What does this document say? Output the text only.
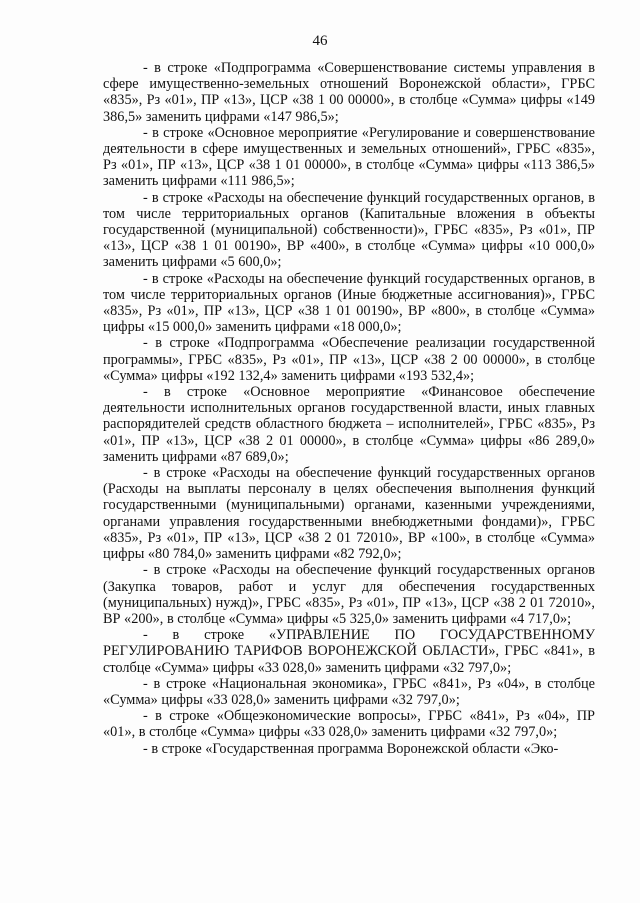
46

- в строке «Подпрограмма «Совершенствование системы управления в сфере имущественно-земельных отношений Воронежской области», ГРБС «835», Рз «01», ПР «13», ЦСР «38 1 00 00000», в столбце «Сумма» цифры «149 386,5» заменить цифрами «147 986,5»;

- в строке «Основное мероприятие «Регулирование и совершенствование деятельности в сфере имущественных и земельных отношений», ГРБС «835», Рз «01», ПР «13», ЦСР «38 1 01 00000», в столбце «Сумма» цифры «113 386,5» заменить цифрами «111 986,5»;

- в строке «Расходы на обеспечение функций государственных органов, в том числе территориальных органов (Капитальные вложения в объекты государственной (муниципальной) собственности)», ГРБС «835», Рз «01», ПР «13», ЦСР «38 1 01 00190», ВР «400», в столбце «Сумма» цифры «10 000,0» заменить цифрами «5 600,0»;

- в строке «Расходы на обеспечение функций государственных органов, в том числе территориальных органов (Иные бюджетные ассигнования)», ГРБС «835», Рз «01», ПР «13», ЦСР «38 1 01 00190», ВР «800», в столбце «Сумма» цифры «15 000,0» заменить цифрами «18 000,0»;

- в строке «Подпрограмма «Обеспечение реализации государственной программы», ГРБС «835», Рз «01», ПР «13», ЦСР «38 2 00 00000», в столбце «Сумма» цифры «192 132,4» заменить цифрами «193 532,4»;

- в строке «Основное мероприятие «Финансовое обеспечение деятельности исполнительных органов государственной власти, иных главных распорядителей средств областного бюджета – исполнителей», ГРБС «835», Рз «01», ПР «13», ЦСР «38 2 01 00000», в столбце «Сумма» цифры «86 289,0» заменить цифрами «87 689,0»;

- в строке «Расходы на обеспечение функций государственных органов (Расходы на выплаты персоналу в целях обеспечения выполнения функций государственными (муниципальными) органами, казенными учреждениями, органами управления государственными внебюджетными фондами)», ГРБС «835», Рз «01», ПР «13», ЦСР «38 2 01 72010», ВР «100», в столбце «Сумма» цифры «80 784,0» заменить цифрами «82 792,0»;

- в строке «Расходы на обеспечение функций государственных органов (Закупка товаров, работ и услуг для обеспечения государственных (муниципальных) нужд)», ГРБС «835», Рз «01», ПР «13», ЦСР «38 2 01 72010», ВР «200», в столбце «Сумма» цифры «5 325,0» заменить цифрами «4 717,0»;

- в строке «УПРАВЛЕНИЕ ПО ГОСУДАРСТВЕННОМУ РЕГУЛИРОВАНИЮ ТАРИФОВ ВОРОНЕЖСКОЙ ОБЛАСТИ», ГРБС «841», в столбце «Сумма» цифры «33 028,0» заменить цифрами «32 797,0»;

- в строке «Национальная экономика», ГРБС «841», Рз «04», в столбце «Сумма» цифры «33 028,0» заменить цифрами «32 797,0»;

- в строке «Общеэкономические вопросы», ГРБС «841», Рз «04», ПР «01», в столбце «Сумма» цифры «33 028,0» заменить цифрами «32 797,0»;

- в строке «Государственная программа Воронежской области «Эко-
